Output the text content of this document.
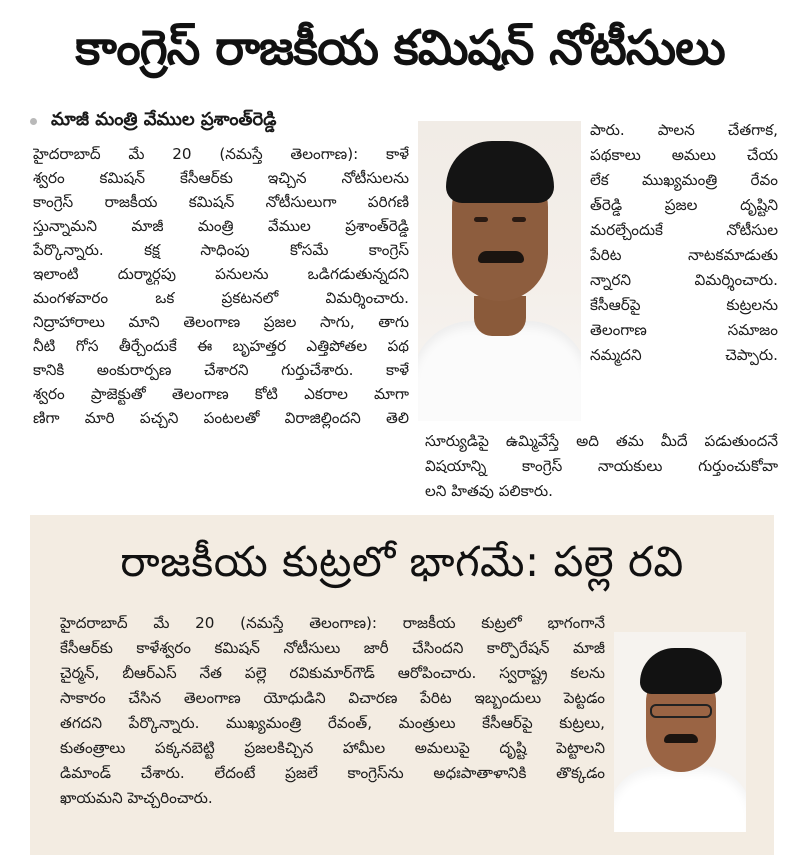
కాంగ్రెస్‌ రాజకీయ కమిషన్‌ నోటీసులు
మాజీ మంత్రి వేముల ప్రశాంత్‌రెడ్డి
హైదరాబాద్‌ మే 20 (నమస్తే తెలంగాణ): కాళే
శ్వరం కమిషన్‌ కేసీఆర్‌కు ఇచ్చిన నోటీసులను
కాంగ్రెస్‌ రాజకీయ కమిషన్‌ నోటీసులుగా పరిగణి
స్తున్నామని మాజీ మంత్రి వేముల ప్రశాంత్‌రెడ్డి
పేర్కొన్నారు. కక్ష సాధింపు కోసమే కాంగ్రెస్‌
ఇలాంటి దుర్మార్గపు పనులను ఒడిగడుతున్నదని
మంగళవారం ఒక ప్రకటనలో విమర్శించారు.
నిద్రాహారాలు మాని తెలంగాణ ప్రజల సాగు, తాగు
నీటి గోస తీర్చేందుకే ఈ బృహత్తర ఎత్తిపోతల పథ
కానికి అంకురార్పణ చేశారని గుర్తుచేశారు. కాళే
శ్వరం ప్రాజెక్టుతో తెలంగాణ కోటి ఎకరాల మాగా
ణిగా మారి పచ్చని పంటలతో విరాజిల్లిందని తెలి
పారు. పాలన చేతగాక,
పథకాలు అమలు చేయ
లేక ముఖ్యమంత్రి రేవం
త్‌రెడ్డి ప్రజల దృష్టిని
మరల్చేందుకే నోటీసుల
పేరిట నాటకమాడుతు
న్నారని విమర్శించారు.
కేసీఆర్‌పై కుట్రలను
తెలంగాణ సమాజం
నమ్మదని చెప్పారు.
సూర్యుడిపై ఉమ్మివేస్తే అది తమ మీదే పడుతుందనే
విషయాన్ని కాంగ్రెస్‌ నాయకులు గుర్తుంచుకోవా
లని హితవు పలికారు.
రాజకీయ కుట్రలో భాగమే: పల్లె రవి
హైదరాబాద్‌ మే 20 (నమస్తే తెలంగాణ): రాజకీయ కుట్రలో భాగంగానే
కేసీఆర్‌కు కాళేశ్వరం కమిషన్‌ నోటీసులు జారీ చేసిందని కార్పొరేషన్‌ మాజీ
చైర్మన్‌, బీఆర్‌ఎస్‌ నేత పల్లె రవికుమార్‌గౌడ్‌ ఆరోపించారు. స్వరాష్ట్ర కలను
సాకారం చేసిన తెలంగాణ యోధుడిని విచారణ పేరిట ఇబ్బందులు పెట్టడం
తగదని పేర్కొన్నారు. ముఖ్యమంత్రి రేవంత్‌, మంత్రులు కేసీఆర్‌పై కుట్రలు,
కుతంత్రాలు పక్కనబెట్టి ప్రజలకిచ్చిన హామీల అమలుపై దృష్టి పెట్టాలని
డిమాండ్‌ చేశారు. లేదంటే ప్రజలే కాంగ్రెస్‌ను అధఃపాతాళానికి తొక్కడం
ఖాయమని హెచ్చరించారు.
